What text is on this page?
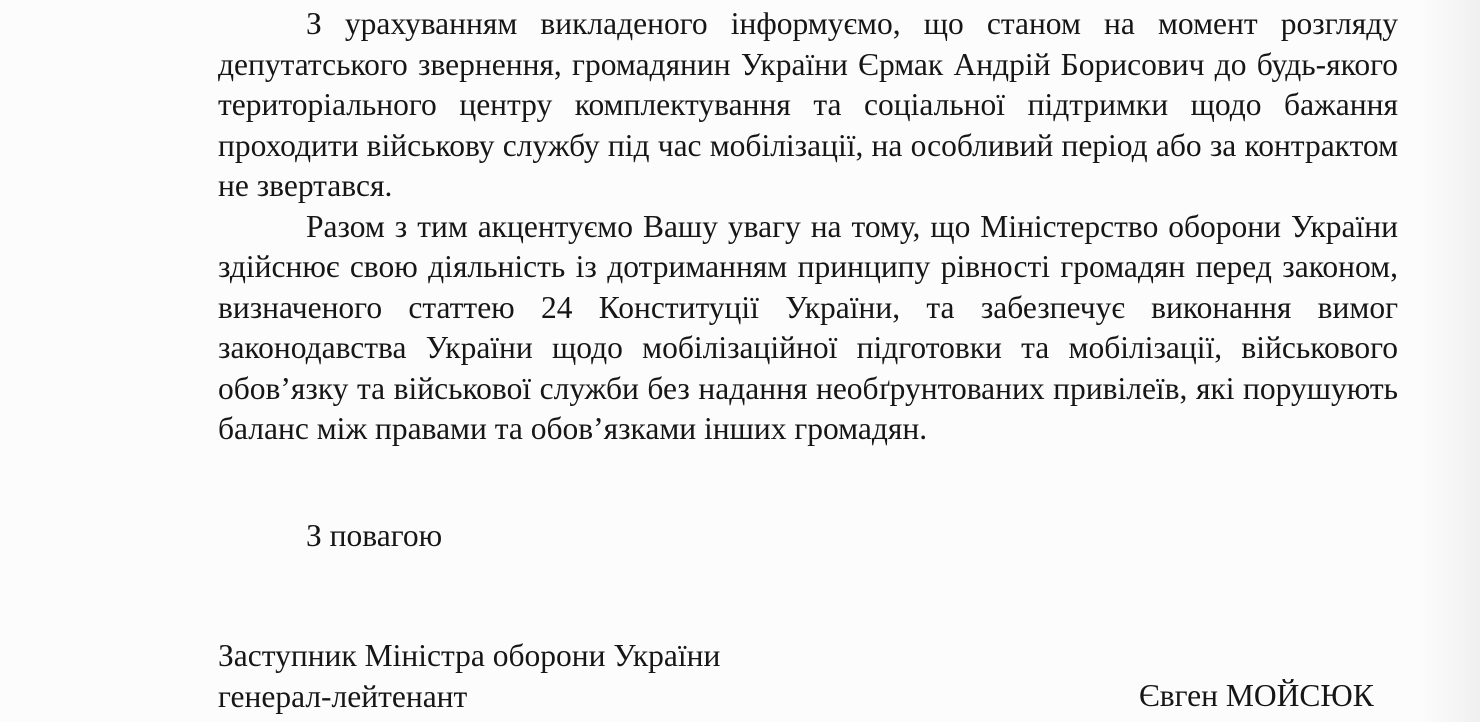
З урахуванням викладеного інформуємо, що станом на момент розгляду депутатського звернення, громадянин України Єрмак Андрій Борисович до будь-якого територіального центру комплектування та соціальної підтримки щодо бажання проходити військову службу під час мобілізації, на особливий період або за контрактом не звертався.

Разом з тим акцентуємо Вашу увагу на тому, що Міністерство оборони України здійснює свою діяльність із дотриманням принципу рівності громадян перед законом, визначеного статтею 24 Конституції України, та забезпечує виконання вимог законодавства України щодо мобілізаційної підготовки та мобілізації, військового обов’язку та військової служби без надання необґрунтованих привілеїв, які порушують баланс між правами та обов’язками інших громадян.

З повагою

Заступник Міністра оборони України
генерал-лейтенант	Євген МОЙСЮК
